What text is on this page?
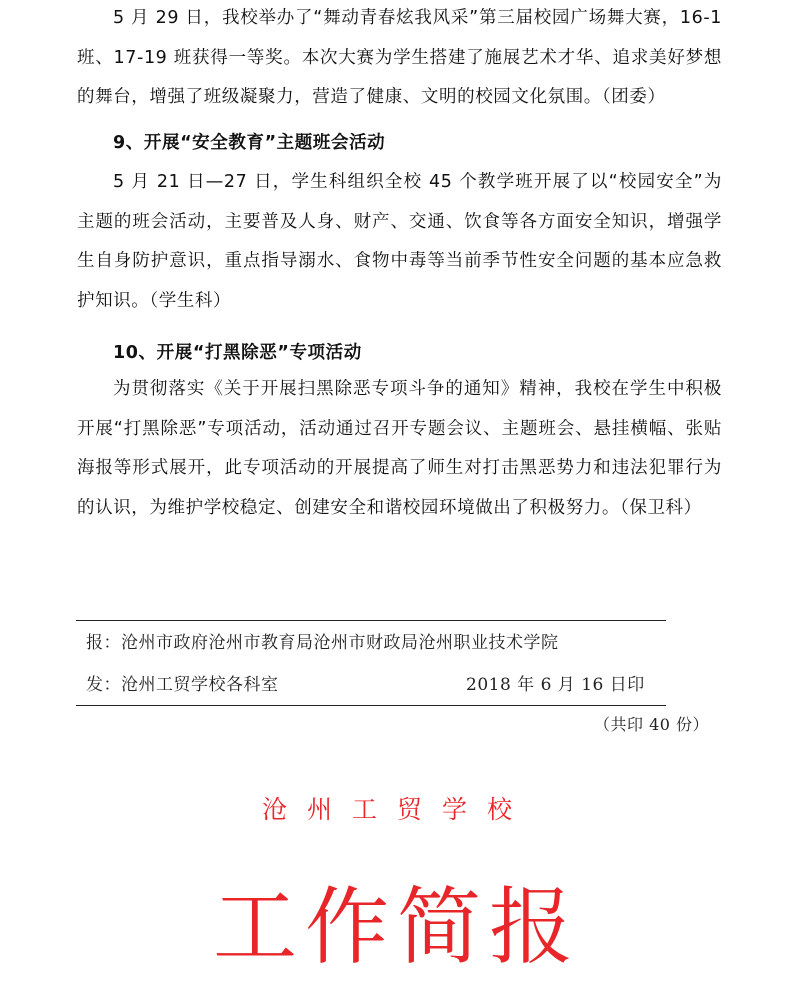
5 月 29 日，我校举办了“舞动青春炫我风采”第三届校园广场舞大赛，16-1 班、17-19 班获得一等奖。本次大赛为学生搭建了施展艺术才华、追求美好梦想的舞台，增强了班级凝聚力，营造了健康、文明的校园文化氛围。（团委）

9、开展“安全教育”主题班会活动

5 月 21 日—27 日，学生科组织全校 45 个教学班开展了以“校园安全”为主题的班会活动，主要普及人身、财产、交通、饮食等各方面安全知识，增强学生自身防护意识，重点指导溺水、食物中毒等当前季节性安全问题的基本应急救护知识。（学生科）

10、开展“打黑除恶”专项活动

为贯彻落实《关于开展扫黑除恶专项斗争的通知》精神，我校在学生中积极开展“打黑除恶”专项活动，活动通过召开专题会议、主题班会、悬挂横幅、张贴海报等形式展开，此专项活动的开展提高了师生对打击黑恶势力和违法犯罪行为的认识，为维护学校稳定、创建安全和谐校园环境做出了积极努力。（保卫科）

报：沧州市政府沧州市教育局沧州市财政局沧州职业技术学院
发：沧州工贸学校各科室	2018 年 6 月 16 日印
（共印 40 份）
沧州工贸学校
工作简报
